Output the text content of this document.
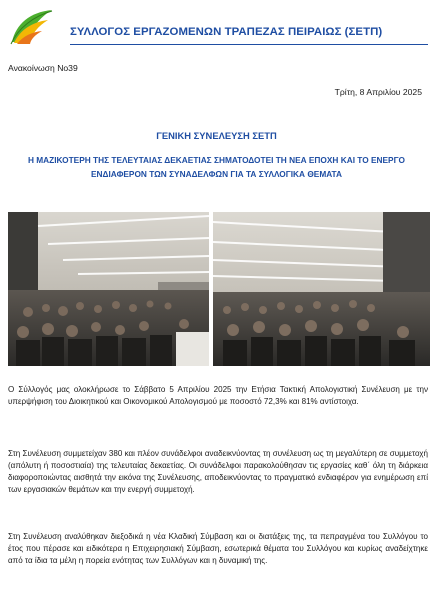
ΣΥΛΛΟΓΟΣ ΕΡΓΑΖΟΜΕΝΩΝ ΤΡΑΠΕΖΑΣ ΠΕΙΡΑΙΩΣ (ΣΕΤΠ)
Ανακοίνωση Νο39
Τρίτη, 8 Απριλίου 2025
ΓΕΝΙΚΗ ΣΥΝΕΛΕΥΣΗ ΣΕΤΠ
Η ΜΑΖΙΚΟΤΕΡΗ ΤΗΣ ΤΕΛΕΥΤΑΙΑΣ ΔΕΚΑΕΤΙΑΣ ΣΗΜΑΤΟΔΟΤΕΙ ΤΗ ΝΕΑ ΕΠΟΧΗ ΚΑΙ ΤΟ ΕΝΕΡΓΟ ΕΝΔΙΑΦΕΡΟΝ ΤΩΝ ΣΥΝΑΔΕΛΦΩΝ ΓΙΑ ΤΑ ΣΥΛΛΟΓΙΚΑ ΘΕΜΑΤΑ

Ο Σύλλογός μας ολοκλήρωσε το Σάββατο 5 Απριλίου 2025 την Ετήσια Τακτική Απολογιστική Συνέλευση με την υπερψήφιση του Διοικητικού και Οικονομικού Απολογισμού με ποσοστό 72,3% και 81% αντίστοιχα.

Στη Συνέλευση συμμετείχαν 380 και πλέον συνάδελφοι αναδεικνύοντας τη συνέλευση ως τη μεγαλύτερη σε συμμετοχή (απόλυτη ή ποσοστιαία) της τελευταίας δεκαετίας. Οι συνάδελφοι παρακολούθησαν τις εργασίες καθ΄ όλη τη διάρκεια διαφοροποιώντας αισθητά την εικόνα της Συνέλευσης, αποδεικνύοντας το πραγματικό ενδιαφέρον για ενημέρωση επί των εργασιακών θεμάτων και την ενεργή συμμετοχή.

Στη Συνέλευση αναλύθηκαν διεξοδικά η νέα Κλαδική Σύμβαση και οι διατάξεις της, τα πεπραγμένα του Συλλόγου το έτος που πέρασε και ειδικότερα η Επιχειρησιακή Σύμβαση, εσωτερικά θέματα του Συλλόγου και κυρίως αναδείχτηκε από τα ίδια τα μέλη η πορεία ενότητας των Συλλόγων και η δυναμική της.
